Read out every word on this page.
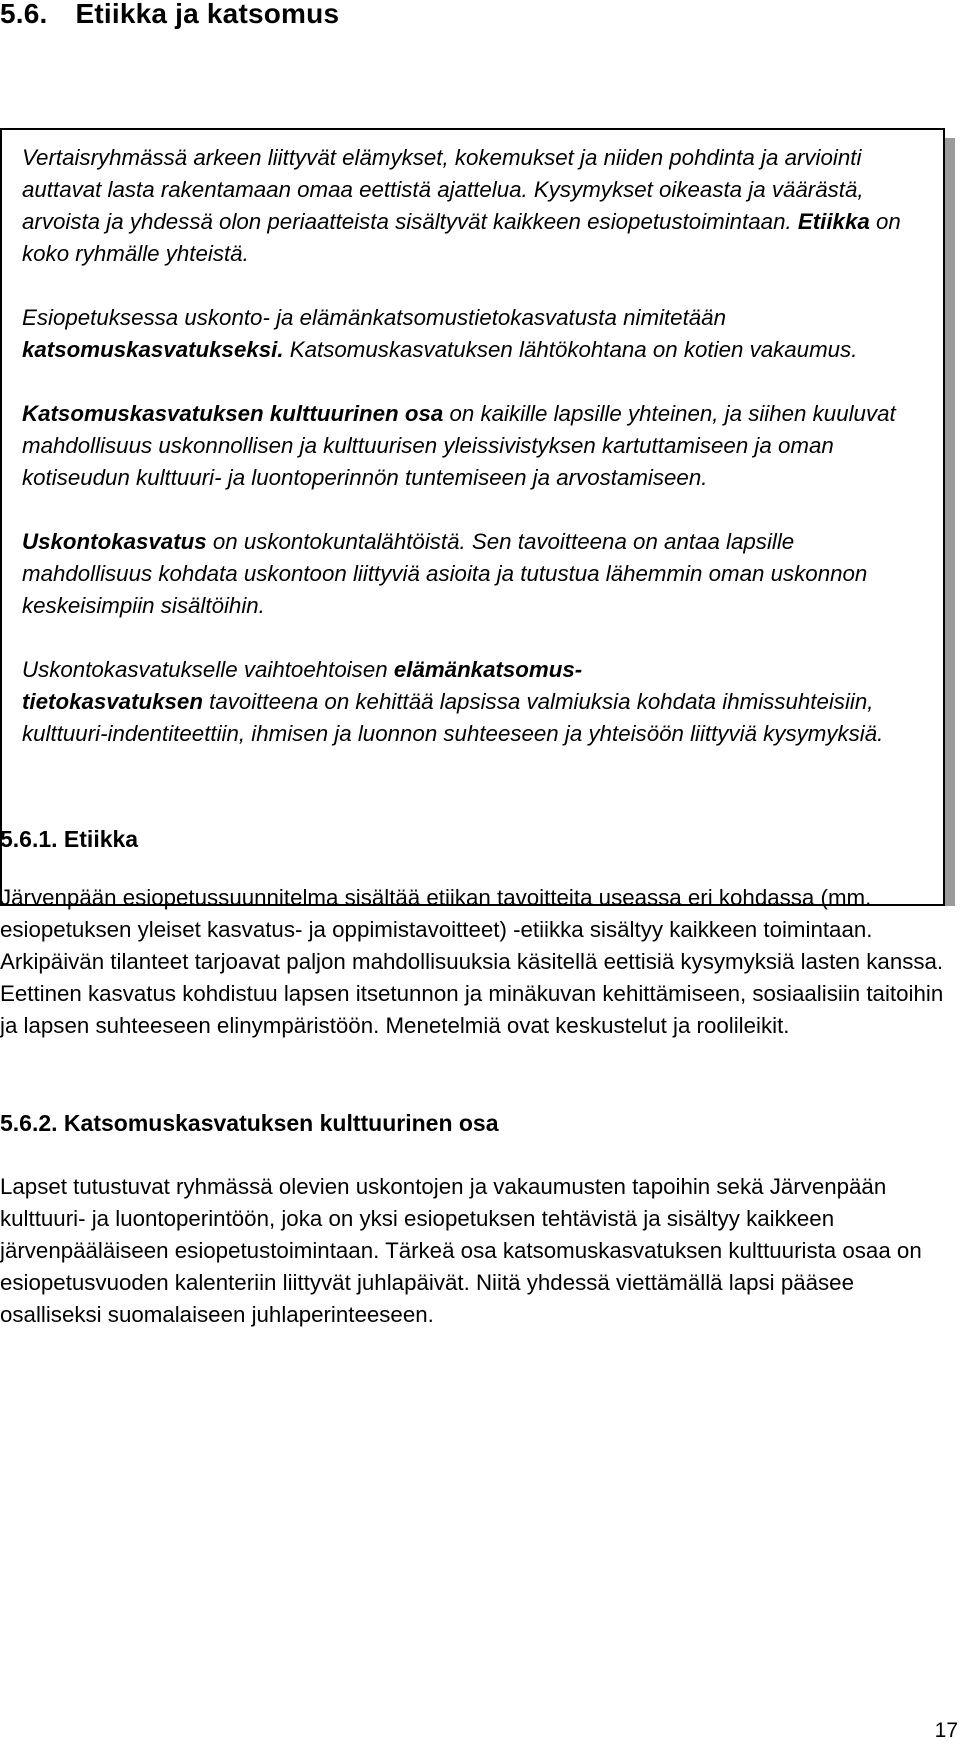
5.6. Etiikka ja katsomus

Vertaisryhmässä arkeen liittyvät elämykset, kokemukset ja niiden pohdinta ja arviointi auttavat lasta rakentamaan omaa eettistä ajattelua. Kysymykset oikeasta ja väärästä, arvoista ja yhdessä olon periaatteista sisältyvät kaikkeen esiopetustoimintaan. Etiikka on koko ryhmälle yhteistä.

Esiopetuksessa uskonto- ja elämänkatsomustietokasvatusta nimitetään katsomuskasvatukseksi. Katsomuskasvatuksen lähtökohtana on kotien vakaumus.

Katsomuskasvatuksen kulttuurinen osa on kaikille lapsille yhteinen, ja siihen kuuluvat mahdollisuus uskonnollisen ja kulttuurisen yleissivistyksen kartuttamiseen ja oman kotiseudun kulttuuri- ja luontoperinnön tuntemiseen ja arvostamiseen.

Uskontokasvatus on uskontokuntalähtöistä. Sen tavoitteena on antaa lapsille mahdollisuus kohdata uskontoon liittyviä asioita ja tutustua lähemmin oman uskonnon keskeisimpiin sisältöihin.

Uskontokasvatukselle vaihtoehtoisen elämänkatsomus-
tietokasvatuksen tavoitteena on kehittää lapsissa valmiuksia kohdata ihmissuhteisiin, kulttuuri-indentiteettiin, ihmisen ja luonnon suhteeseen ja yhteisöön liittyviä kysymyksiä.

5.6.1. Etiikka

Järvenpään esiopetussuunnitelma sisältää etiikan tavoitteita useassa eri kohdassa (mm. esiopetuksen yleiset kasvatus- ja oppimistavoitteet) -etiikka sisältyy kaikkeen toimintaan. Arkipäivän tilanteet tarjoavat paljon mahdollisuuksia käsitellä eettisiä kysymyksiä lasten kanssa. Eettinen kasvatus kohdistuu lapsen itsetunnon ja minäkuvan kehittämiseen, sosiaalisiin taitoihin ja lapsen suhteeseen elinympäristöön. Menetelmiä ovat keskustelut ja roolileikit.

5.6.2. Katsomuskasvatuksen kulttuurinen osa

Lapset tutustuvat ryhmässä olevien uskontojen ja vakaumusten tapoihin sekä Järvenpään kulttuuri- ja luontoperintöön, joka on yksi esiopetuksen tehtävistä ja sisältyy kaikkeen järvenpääläiseen esiopetustoimintaan. Tärkeä osa katsomuskasvatuksen kulttuurista osaa on esiopetusvuoden kalenteriin liittyvät juhlapäivät. Niitä yhdessä viettämällä lapsi pääsee osalliseksi suomalaiseen juhlaperinteeseen.

17
